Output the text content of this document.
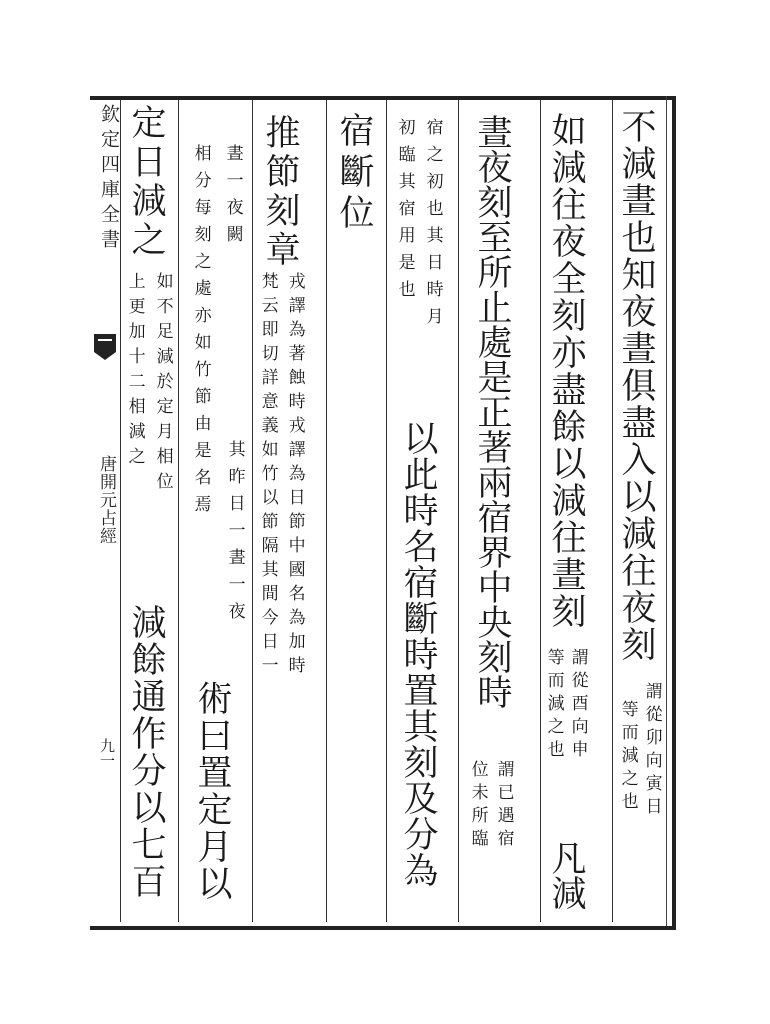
欽定四庫全書
唐開元占經
九一
不減晝也知夜晝俱盡入以減往夜刻
謂從卯向寅日
等而減之也
如減往夜全刻亦盡餘以減往晝刻
謂從酉向申
等而減之也
凡減
晝夜刻至所止處是正著兩宿界中央刻時
謂已遇宿
位未所臨
宿之初也其日時月
初臨其宿用是也
以此時名宿斷時置其刻及分為
宿斷位
推節刻章
戎譯為著蝕時戎譯為日節中國名為加時
梵云即切詳意義如竹以節隔其間今日一
晝一夜闕
其昨日一晝一夜
相分每刻之處亦如竹節由是名焉
術曰置定月以
定日減之
如不足減於定月相位
上更加十二相減之
減餘通作分以七百
